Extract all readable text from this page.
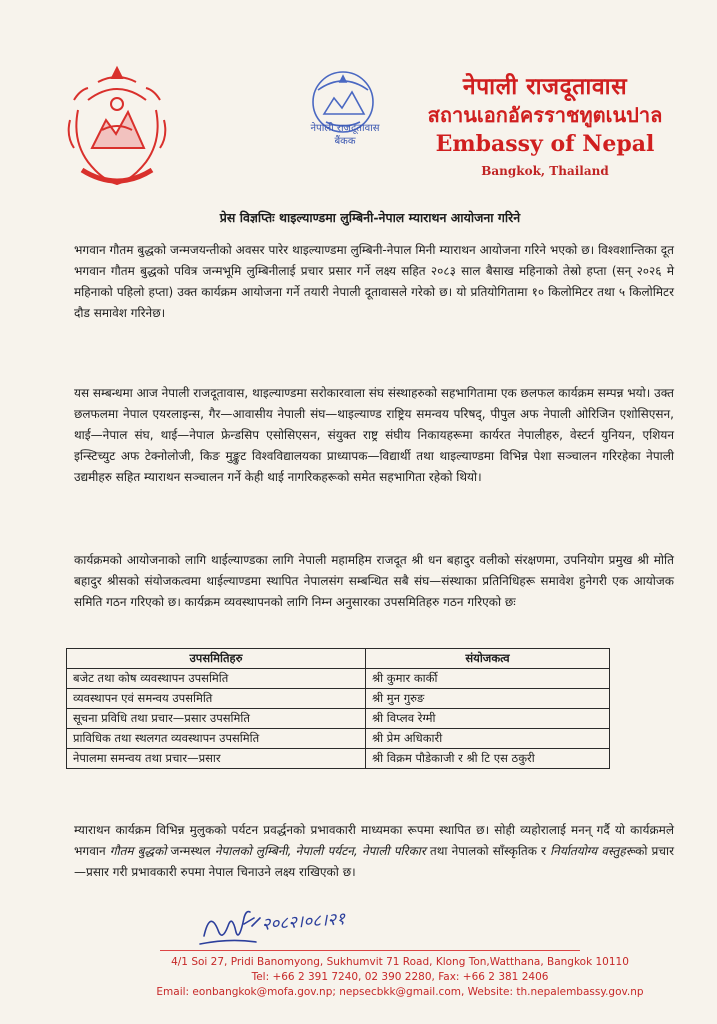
नेपाली राजदूतावास
बैंकक
नेपाली राजदूतावास
สถานเอกอัครราชทูตเนปาล
Embassy of Nepal
Bangkok, Thailand
प्रेस विज्ञप्तिः थाइल्याण्डमा लुम्बिनी-नेपाल म्याराथन आयोजना गरिने

भगवान गौतम बुद्धको जन्मजयन्तीको अवसर पारेर थाइल्याण्डमा लुम्बिनी-नेपाल मिनी म्याराथन आयोजना गरिने भएको छ। विश्वशान्तिका दूत भगवान गौतम बुद्धको पवित्र जन्मभूमि लुम्बिनीलाई प्रचार प्रसार गर्ने लक्ष्य सहित २०८३ साल बैसाख महिनाको तेस्रो हप्ता (सन् २०२६ मे महिनाको पहिलो हप्ता) उक्त कार्यक्रम आयोजना गर्ने तयारी नेपाली दूतावासले गरेको छ। यो प्रतियोगितामा १० किलोमिटर तथा ५ किलोमिटर दौड समावेश गरिनेछ।

यस सम्बन्धमा आज नेपाली राजदूतावास, थाइल्याण्डमा सरोकारवाला संघ संस्थाहरुको सहभागितामा एक छलफल कार्यक्रम सम्पन्न भयो। उक्त छलफलमा नेपाल एयरलाइन्स, गैर—आवासीय नेपाली संघ—थाइल्याण्ड राष्ट्रिय समन्वय परिषद्, पीपुल अफ नेपाली ओरिजिन एशोसिएसन, थाई—नेपाल संघ, थाई—नेपाल फ्रेन्डसिप एसोसिएसन, संयुक्त राष्ट्र संघीय निकायहरूमा कार्यरत नेपालीहरु, वेस्टर्न युनियन, एशियन इन्स्टिच्युट अफ टेक्नोलोजी, किङ मुङ्कुट विश्वविद्यालयका प्राध्यापक—विद्यार्थी तथा थाइल्याण्डमा विभिन्न पेशा सञ्चालन गरिरहेका नेपाली उद्यमीहरु सहित म्याराथन सञ्चालन गर्ने केही थाई नागरिकहरूको समेत सहभागिता रहेको थियो।

कार्यक्रमको आयोजनाको लागि थाईल्याण्डका लागि नेपाली महामहिम राजदूत श्री धन बहादुर वलीको संरक्षणमा, उपनियोग प्रमुख श्री मोति बहादुर श्रीसको संयोजकत्वमा थाईल्याण्डमा स्थापित नेपालसंग सम्बन्धित सबै संघ—संस्थाका प्रतिनिधिहरू समावेश हुनेगरी एक आयोजक समिति गठन गरिएको छ। कार्यक्रम व्यवस्थापनको लागि निम्न अनुसारका उपसमितिहरु गठन गरिएको छः

उपसमितिहरु	संयोजकत्व
बजेट तथा कोष व्यवस्थापन उपसमिति	श्री कुमार कार्की
व्यवस्थापन एवं समन्वय उपसमिति	श्री मुन गुरुङ
सूचना प्रविधि तथा प्रचार—प्रसार उपसमिति	श्री विप्लव रेग्मी
प्राविधिक तथा स्थलगत व्यवस्थापन उपसमिति	श्री प्रेम अधिकारी
नेपालमा समन्वय तथा प्रचार—प्रसार	श्री विक्रम पौडेकाजी र श्री टि एस ठकुरी

म्याराथन कार्यक्रम विभिन्न मुलुकको पर्यटन प्रवर्द्धनको प्रभावकारी माध्यमका रूपमा स्थापित छ। सोही व्यहोरालाई मनन् गर्दै यो कार्यक्रमले भगवान गौतम बुद्धको जन्मस्थल नेपालको लुम्बिनी, नेपाली पर्यटन, नेपाली परिकार तथा नेपालको साँस्कृतिक र निर्यातयोग्य वस्तुहरूको प्रचार—प्रसार गरी प्रभावकारी रुपमा नेपाल चिनाउने लक्ष्य राखिएको छ।

२०८२।०८।२१
4/1 Soi 27, Pridi Banomyong, Sukhumvit 71 Road, Klong Ton,Watthana, Bangkok 10110
Tel: +66 2 391 7240, 02 390 2280, Fax: +66 2 381 2406
Email: eonbangkok@mofa.gov.np; nepsecbkk@gmail.com, Website: th.nepalembassy.gov.np
